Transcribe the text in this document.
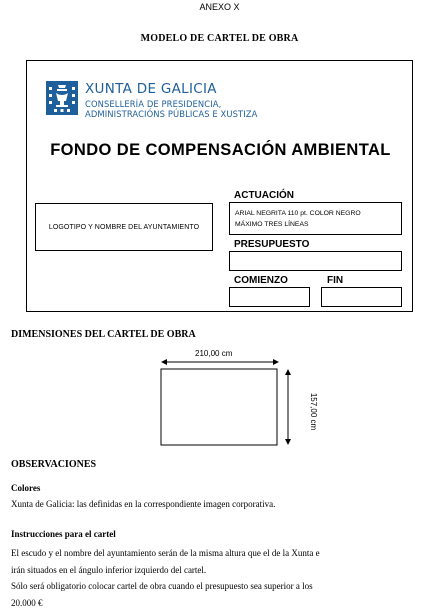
ANEXO X
MODELO DE CARTEL DE OBRA
XUNTA DE GALICIA
CONSELLERÍA DE PRESIDENCIA,
ADMINISTRACIÓNS PÚBLICAS E XUSTIZA
FONDO DE COMPENSACIÓN AMBIENTAL
LOGOTIPO Y NOMBRE DEL AYUNTAMIENTO
ACTUACIÓN
ARIAL NEGRITA 110 pt. COLOR NEGRO
MÁXIMO TRES LÍNEAS
PRESUPUESTO
COMIENZO	FIN
DIMENSIONES DEL CARTEL DE OBRA
210,00 cm
157,00 cm
OBSERVACIONES
Colores
Xunta de Galicia: las definidas en la correspondiente imagen corporativa.
Instrucciones para el cartel

El escudo y el nombre del ayuntamiento serán de la misma altura que el de la Xunta e

irán situados en el ángulo inferior izquierdo del cartel.

Sólo será obligatorio colocar cartel de obra cuando el presupuesto sea superior a los

20.000 €
